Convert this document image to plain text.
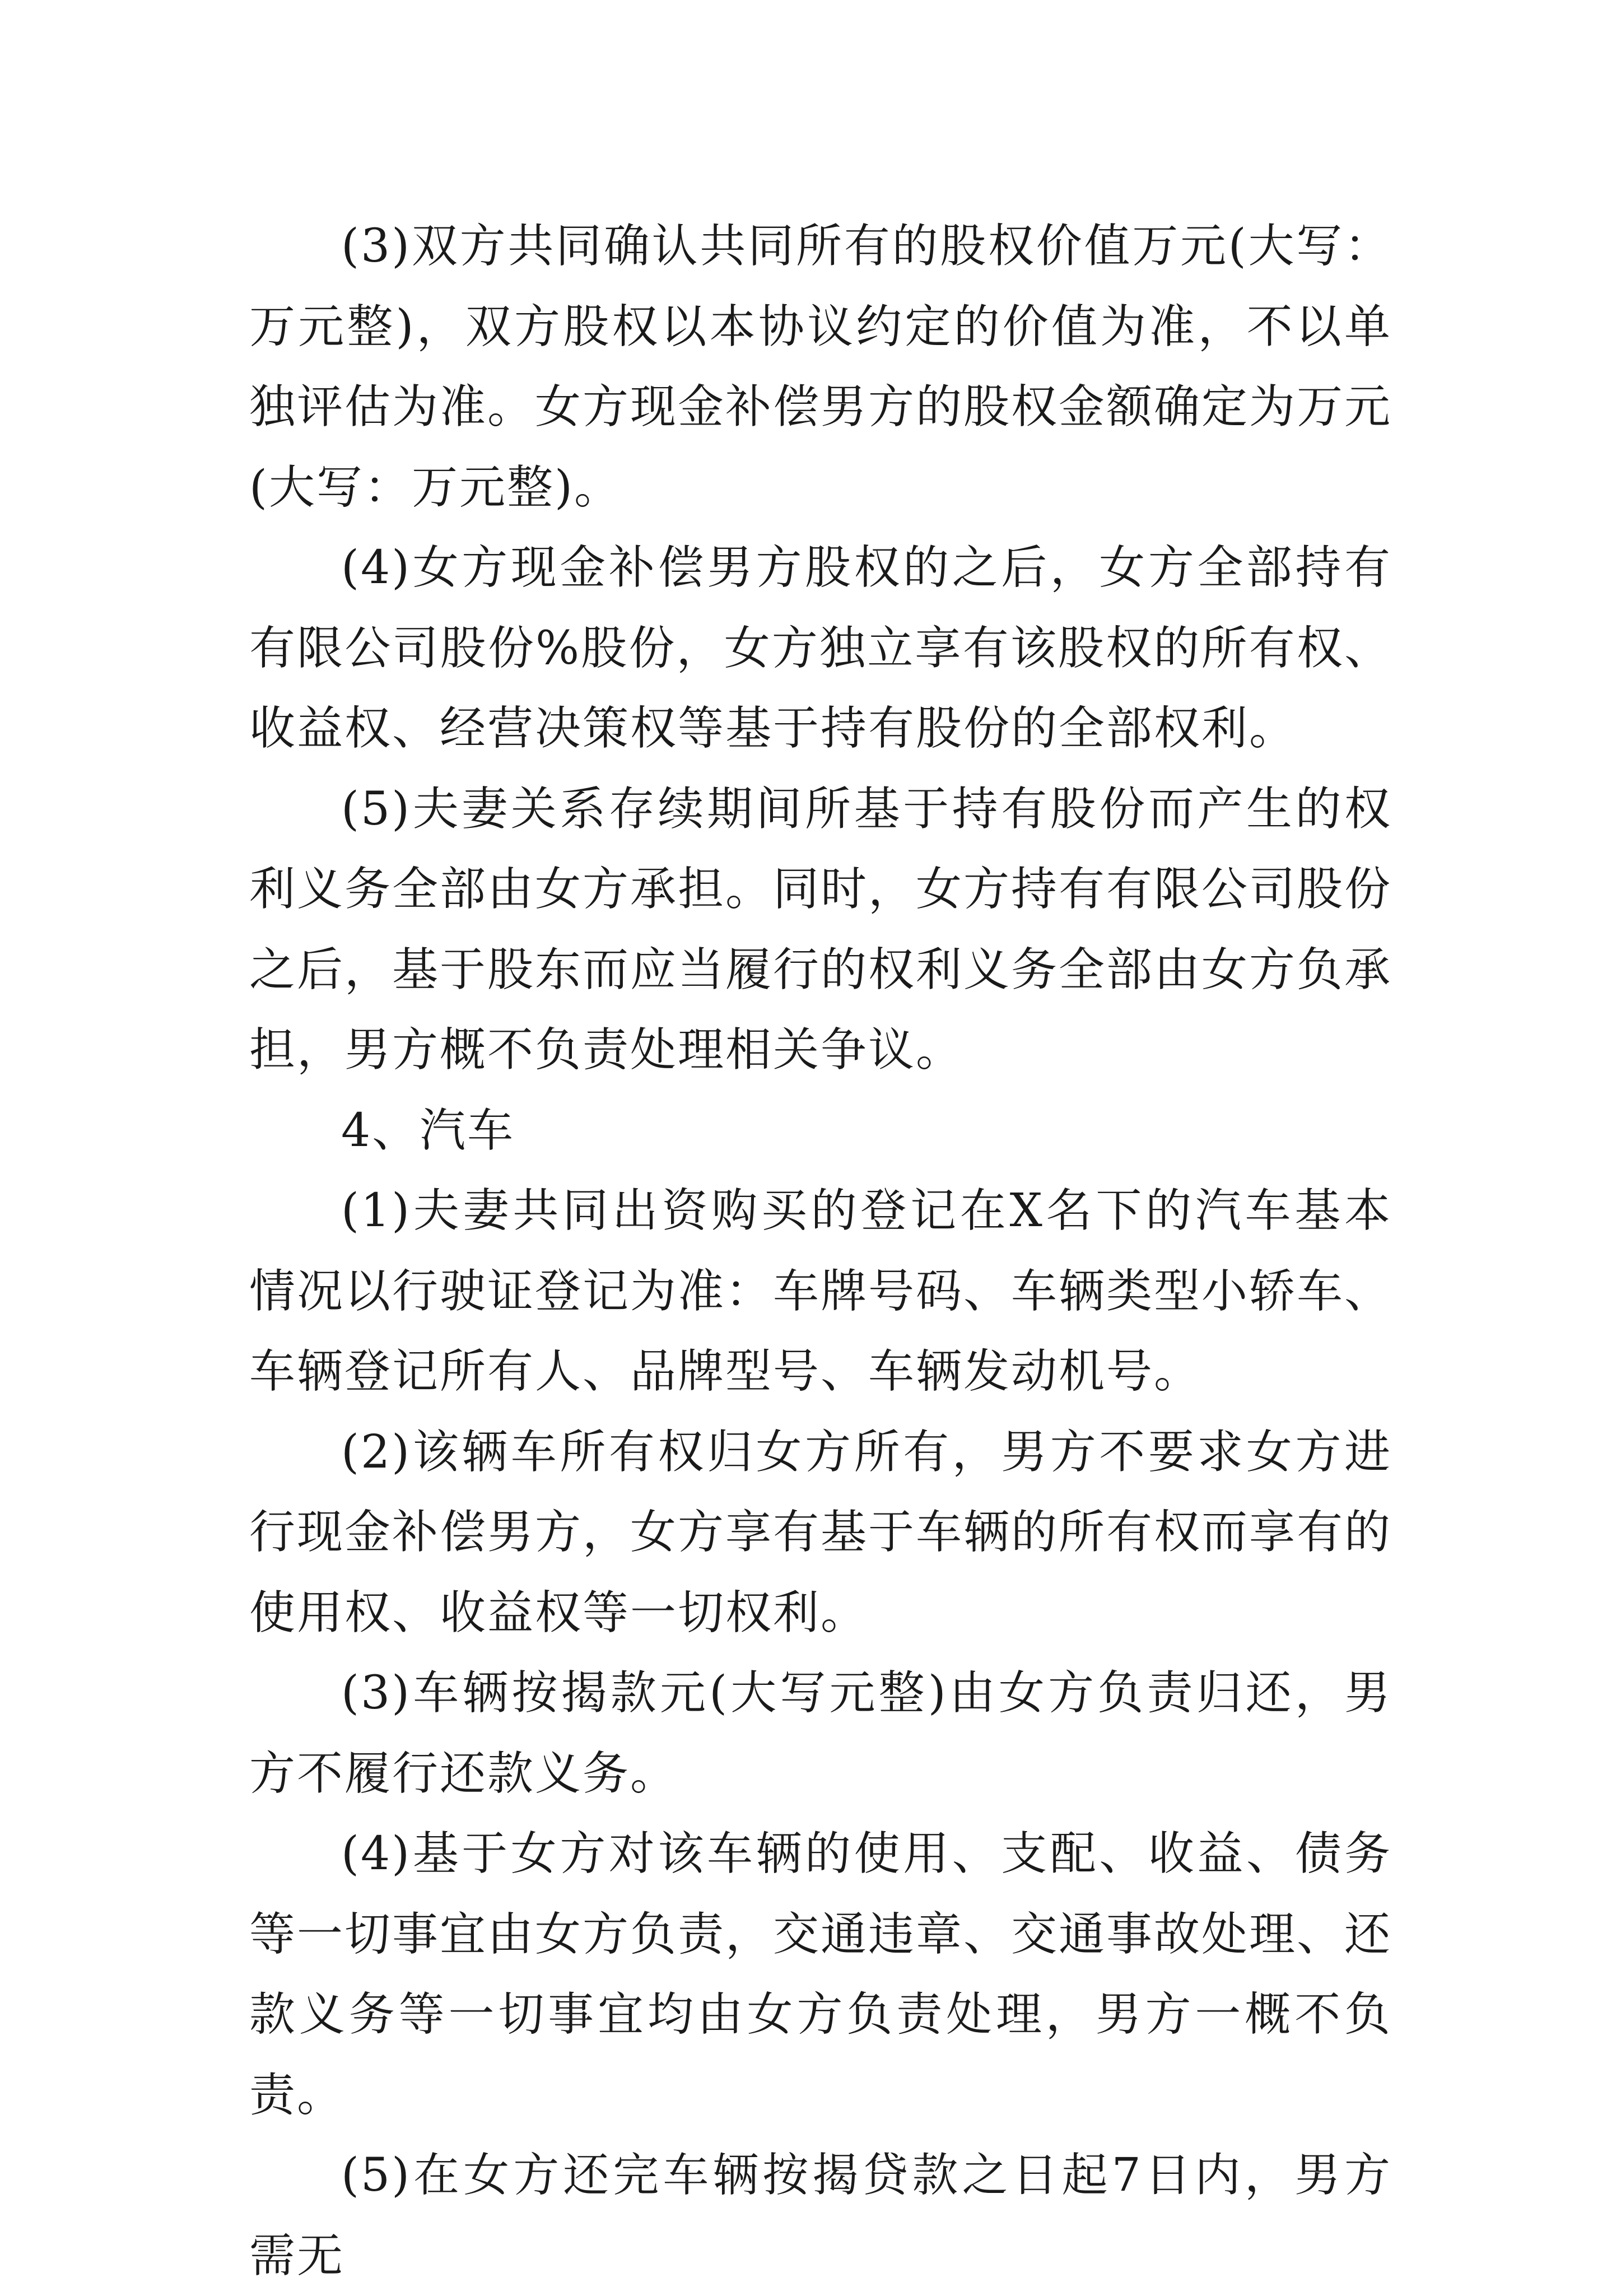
(3)双方共同确认共同所有的股权价值万元(大写：万元整)，双方股权以本协议约定的价值为准，不以单独评估为准。女方现金补偿男方的股权金额确定为万元(大写：万元整)。

(4)女方现金补偿男方股权的之后，女方全部持有有限公司股份%股份，女方独立享有该股权的所有权、收益权、经营决策权等基于持有股份的全部权利。

(5)夫妻关系存续期间所基于持有股份而产生的权利义务全部由女方承担。同时，女方持有有限公司股份之后，基于股东而应当履行的权利义务全部由女方负承担，男方概不负责处理相关争议。

4、汽车

(1)夫妻共同出资购买的登记在X名下的汽车基本情况以行驶证登记为准：车牌号码、车辆类型小轿车、车辆登记所有人、品牌型号、车辆发动机号。

(2)该辆车所有权归女方所有，男方不要求女方进行现金补偿男方，女方享有基于车辆的所有权而享有的使用权、收益权等一切权利。

(3)车辆按揭款元(大写元整)由女方负责归还，男方不履行还款义务。

(4)基于女方对该车辆的使用、支配、收益、债务等一切事宜由女方负责，交通违章、交通事故处理、还款义务等一切事宜均由女方负责处理，男方一概不负责。

(5)在女方还完车辆按揭贷款之日起7日内，男方需无
